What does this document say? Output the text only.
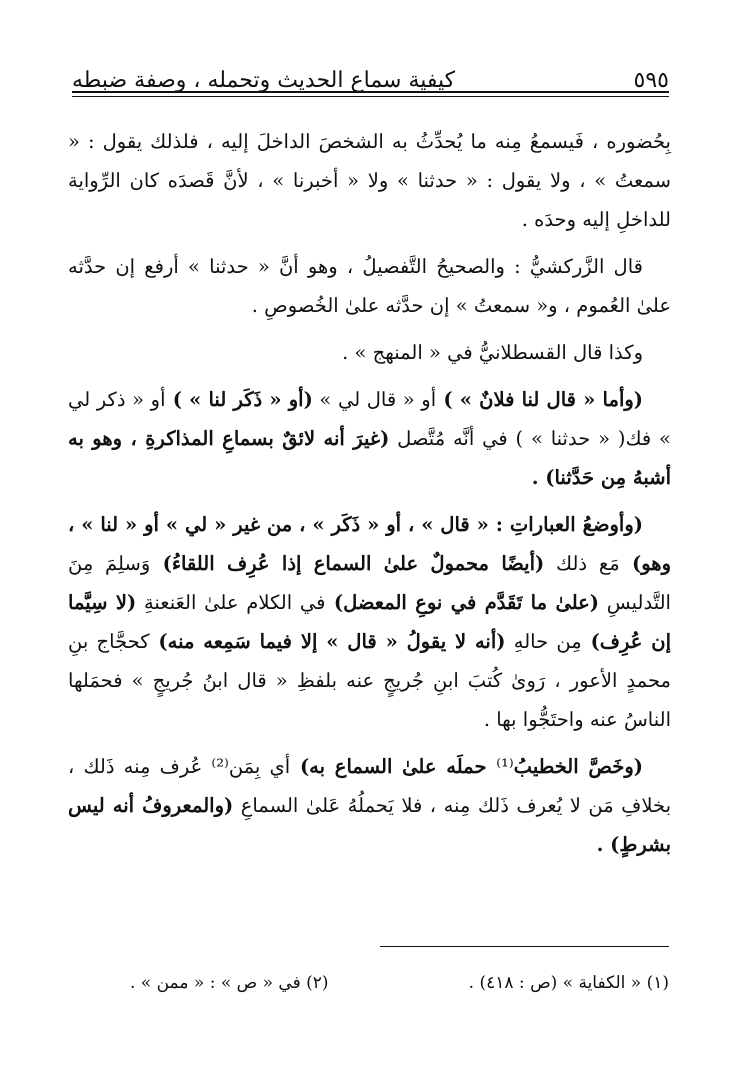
كيفية سماع الحديث وتحمله ، وصفة ضبطه	٥٩٥

بِحُضوره ، فَيسمعُ مِنه ما يُحدِّثُ به الشخصَ الداخلَ إليه ، فلذلك يقول : « سمعتُ » ، ولا يقول : « حدثنا » ولا « أخبرنا » ، لأنَّ قَصدَه كان الرِّواية للداخلِ إليه وحدَه .

قال الزَّركشيُّ : والصحيحُ التَّفصيلُ ، وهو أنَّ « حدثنا » أرفع إن حدَّثه علىٰ العُموم ، و« سمعتُ » إن حدَّثه علىٰ الخُصوصِ .

وكذا قال القسطلانيُّ في « المنهج » .

(وأما « قال لنا فلانٌ » ) أو « قال لي » (أو « ذَكَر لنا » ) أو « ذكر لي » فك( « حدثنا » ) في أنَّه مُتَّصل (غيرَ أنه لائقٌ بسماعِ المذاكرةِ ، وهو به أشبهُ مِن حَدَّثنا) .

(وأوضعُ العباراتِ : « قال » ، أو « ذَكَر » ، من غير « لي » أو « لنا » ، وهو) مَع ذلك (أيضًا محمولٌ علىٰ السماع إذا عُرِف اللقاءُ) وَسلِمَ مِنَ التَّدليسِ (علىٰ ما تَقَدَّم في نوعِ المعضل) في الكلام علىٰ العَنعنةِ (لا سِيَّما إن عُرِف) مِن حالهِ (أنه لا يقولُ « قال » إلا فيما سَمِعه منه) كحجَّاج بنِ محمدٍ الأعور ، رَوىٰ كُتبَ ابنِ جُريجٍ عنه بلفظِ « قال ابنُ جُريجٍ » فحمَلها الناسُ عنه واحتَجُّوا بها .

(وخَصَّ الخطيبُ⁽¹⁾ حملَه علىٰ السماع به) أي بِمَن⁽²⁾ عُرف مِنه ذَلك ، بخلافِ مَن لا يُعرف ذَلك مِنه ، فلا يَحملُهُ عَلىٰ السماعِ (والمعروفُ أنه ليس بشرطٍ) .

(١) « الكفاية » (ص : ٤١٨) .
(٢) في « ص » : « ممن » .
